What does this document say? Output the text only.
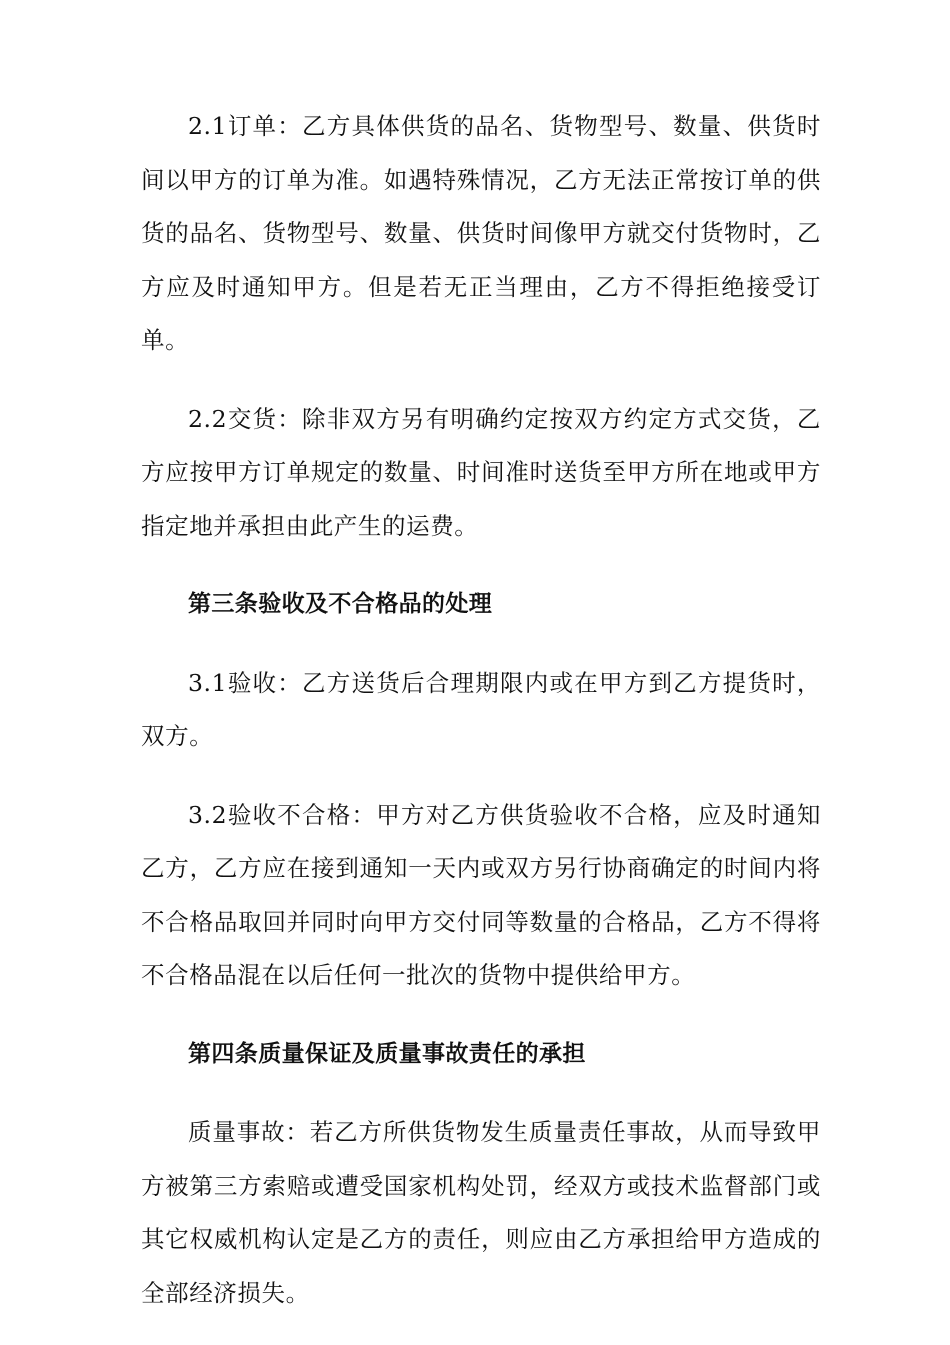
2.1订单：乙方具体供货的品名、货物型号、数量、供货时间以甲方的订单为准。如遇特殊情况，乙方无法正常按订单的供货的品名、货物型号、数量、供货时间像甲方就交付货物时，乙方应及时通知甲方。但是若无正当理由，乙方不得拒绝接受订单。

2.2交货：除非双方另有明确约定按双方约定方式交货，乙方应按甲方订单规定的数量、时间准时送货至甲方所在地或甲方指定地并承担由此产生的运费。

第三条验收及不合格品的处理

3.1验收：乙方送货后合理期限内或在甲方到乙方提货时，双方。

3.2验收不合格：甲方对乙方供货验收不合格，应及时通知乙方，乙方应在接到通知一天内或双方另行协商确定的时间内将不合格品取回并同时向甲方交付同等数量的合格品，乙方不得将不合格品混在以后任何一批次的货物中提供给甲方。

第四条质量保证及质量事故责任的承担

质量事故：若乙方所供货物发生质量责任事故，从而导致甲方被第三方索赔或遭受国家机构处罚，经双方或技术监督部门或其它权威机构认定是乙方的责任，则应由乙方承担给甲方造成的全部经济损失。
